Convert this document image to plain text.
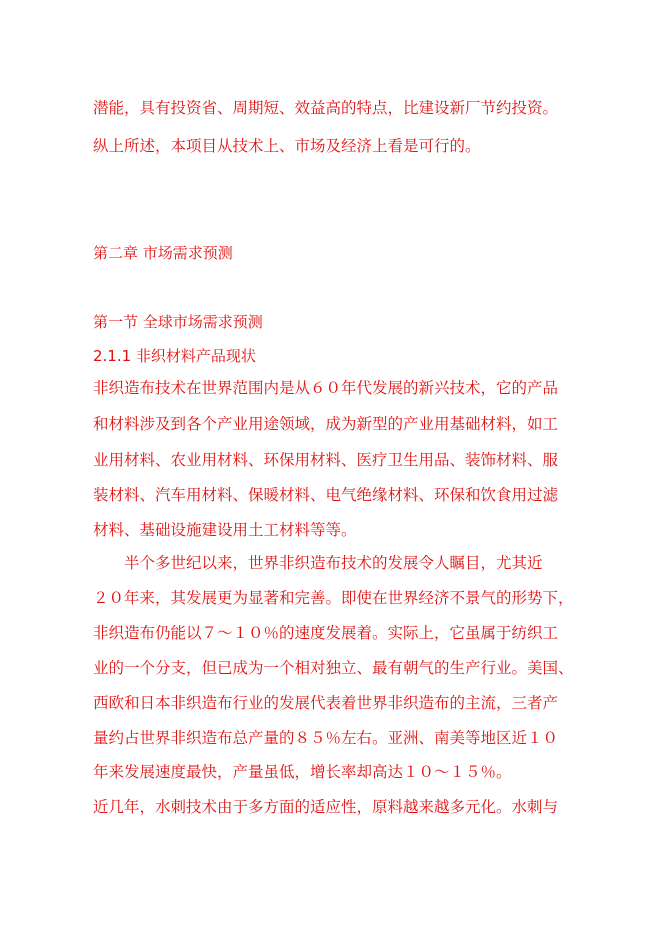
潜能，具有投资省、周期短、效益高的特点，比建设新厂节约投资。
纵上所述，本项目从技术上、市场及经济上看是可行的。
第二章 市场需求预测
第一节 全球市场需求预测
2.1.1 非织材料产品现状
非织造布技术在世界范围内是从６０年代发展的新兴技术，它的产品
和材料涉及到各个产业用途领域，成为新型的产业用基础材料，如工
业用材料、农业用材料、环保用材料、医疗卫生用品、装饰材料、服
装材料、汽车用材料、保暖材料、电气绝缘材料、环保和饮食用过滤
材料、基础设施建设用土工材料等等。
半个多世纪以来，世界非织造布技术的发展令人瞩目，尤其近
２０年来，其发展更为显著和完善。即使在世界经济不景气的形势下，
非织造布仍能以７～１０％的速度发展着。实际上，它虽属于纺织工
业的一个分支，但已成为一个相对独立、最有朝气的生产行业。美国、
西欧和日本非织造布行业的发展代表着世界非织造布的主流，三者产
量约占世界非织造布总产量的８５％左右。亚洲、南美等地区近１０
年来发展速度最快，产量虽低，增长率却高达１０～１５％。
近几年，水刺技术由于多方面的适应性，原料越来越多元化。水刺与
